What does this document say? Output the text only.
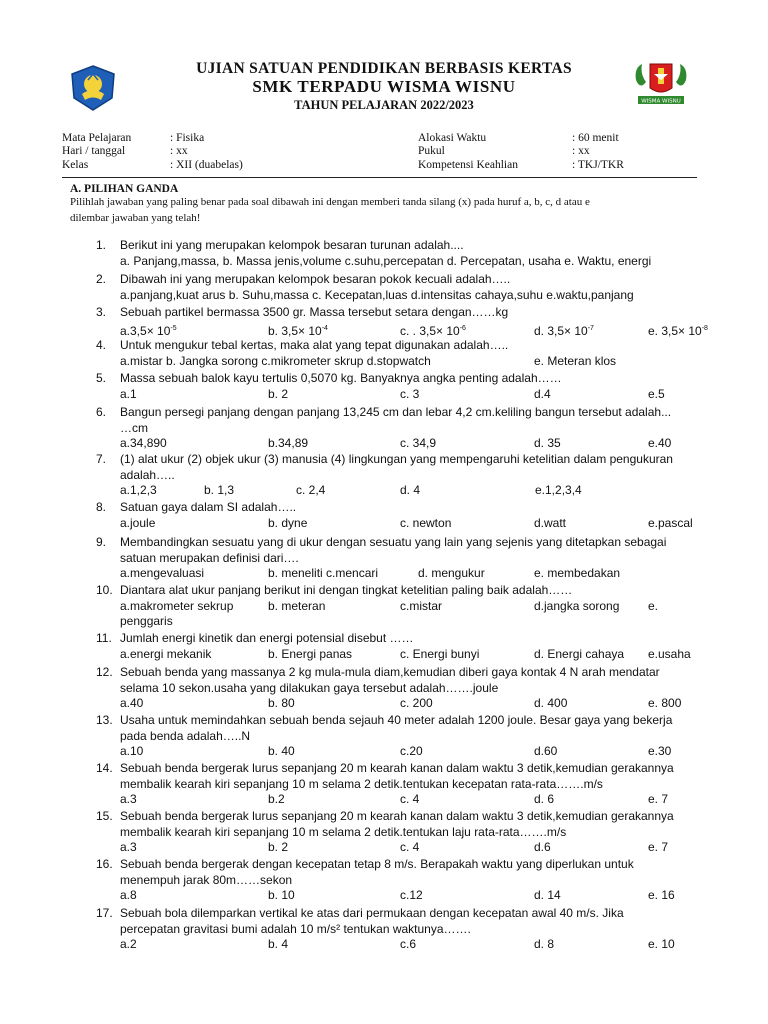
WISMA WISNU
UJIAN SATUAN PENDIDIKAN BERBASIS KERTAS
SMK TERPADU WISMA WISNU
TAHUN PELAJARAN 2022/2023
Mata Pelajaran	: Fisika
Hari / tanggal	: xx
Kelas	: XII (duabelas)
Alokasi Waktu	: 60 menit
Pukul	: xx
Kompetensi Keahlian	: TKJ/TKR
A. PILIHAN GANDA
Pilihlah jawaban yang paling benar pada soal dibawah ini dengan memberi tanda silang (x) pada huruf a, b, c, d atau e
dilembar jawaban yang telah!
1. Berikut ini yang merupakan kelompok besaran turunan adalah....
a. Panjang,massa, b. Massa jenis,volume c.suhu,percepatan d. Percepatan, usaha e. Waktu, energi
2. Dibawah ini yang merupakan kelompok besaran pokok kecuali adalah…..
a.panjang,kuat arus b. Suhu,massa c. Kecepatan,luas d.intensitas cahaya,suhu e.waktu,panjang
3. Sebuah partikel bermassa 3500 gr. Massa tersebut setara dengan……kg
$a.3,5\times 10^{-5}$	b. $3,5\times 10^{-4}$	c. . $3,5\times 10^{-6}$	d. $3,5\times 10^{-7}$	e. $3,5\times 10^{-8}$
4. Untuk mengukur tebal kertas, maka alat yang tepat digunakan adalah…..
a.mistar b. Jangka sorong c.mikrometer skrup d.stopwatch	e. Meteran klos
5. Massa sebuah balok kayu tertulis 0,5070 kg. Banyaknya angka penting adalah……
a.1	b. 2	c. 3	d.4	e.5
6. Bangun persegi panjang dengan panjang 13,245 cm dan lebar 4,2 cm.keliling bangun tersebut adalah...
…cm
a.34,890	b.34,89	c. 34,9	d. 35	e.40
7. (1) alat ukur (2) objek ukur (3) manusia (4) lingkungan yang mempengaruhi ketelitian dalam pengukuran
adalah…..
a.1,2,3	b. 1,3	c. 2,4	d. 4	e.1,2,3,4
8. Satuan gaya dalam SI adalah…..
a.joule	b. dyne	c. newton	d.watt	e.pascal
9. Membandingkan sesuatu yang di ukur dengan sesuatu yang lain yang sejenis yang ditetapkan sebagai
satuan merupakan definisi dari….
a.mengevaluasi	b. meneliti c.mencari	d. mengukur	e. membedakan
10. Diantara alat ukur panjang berikut ini dengan tingkat ketelitian paling baik adalah……
a.makrometer sekrup	b. meteran	c.mistar	d.jangka sorong e.
penggaris
11. Jumlah energi kinetik dan energi potensial disebut ……
a.energi mekanik	b. Energi panas	c. Energi bunyi	d. Energi cahaya e.usaha
12. Sebuah benda yang massanya 2 kg mula-mula diam,kemudian diberi gaya kontak 4 N arah mendatar
selama 10 sekon.usaha yang dilakukan gaya tersebut adalah…….joule
a.40	b. 80	c. 200	d. 400	e. 800
13. Usaha untuk memindahkan sebuah benda sejauh 40 meter adalah 1200 joule. Besar gaya yang bekerja
pada benda adalah…..N
a.10	b. 40	c.20	d.60	e.30
14. Sebuah benda bergerak lurus sepanjang 20 m kearah kanan dalam waktu 3 detik,kemudian gerakannya
membalik kearah kiri sepanjang 10 m selama 2 detik.tentukan kecepatan rata-rata…….m/s
a.3	b.2	c. 4	d. 6	e. 7
15. Sebuah benda bergerak lurus sepanjang 20 m kearah kanan dalam waktu 3 detik,kemudian gerakannya
membalik kearah kiri sepanjang 10 m selama 2 detik.tentukan laju rata-rata…….m/s
a.3	b. 2	c. 4	d.6	e. 7
16. Sebuah benda bergerak dengan kecepatan tetap 8 m/s. Berapakah waktu yang diperlukan untuk
menempuh jarak 80m……sekon
a.8	b. 10	c.12	d. 14	e. 16
17. Sebuah bola dilemparkan vertikal ke atas dari permukaan dengan kecepatan awal 40 m/s. Jika
percepatan gravitasi bumi adalah 10 m/s² tentukan waktunya…….
a.2	b. 4	c.6	d. 8	e. 10
